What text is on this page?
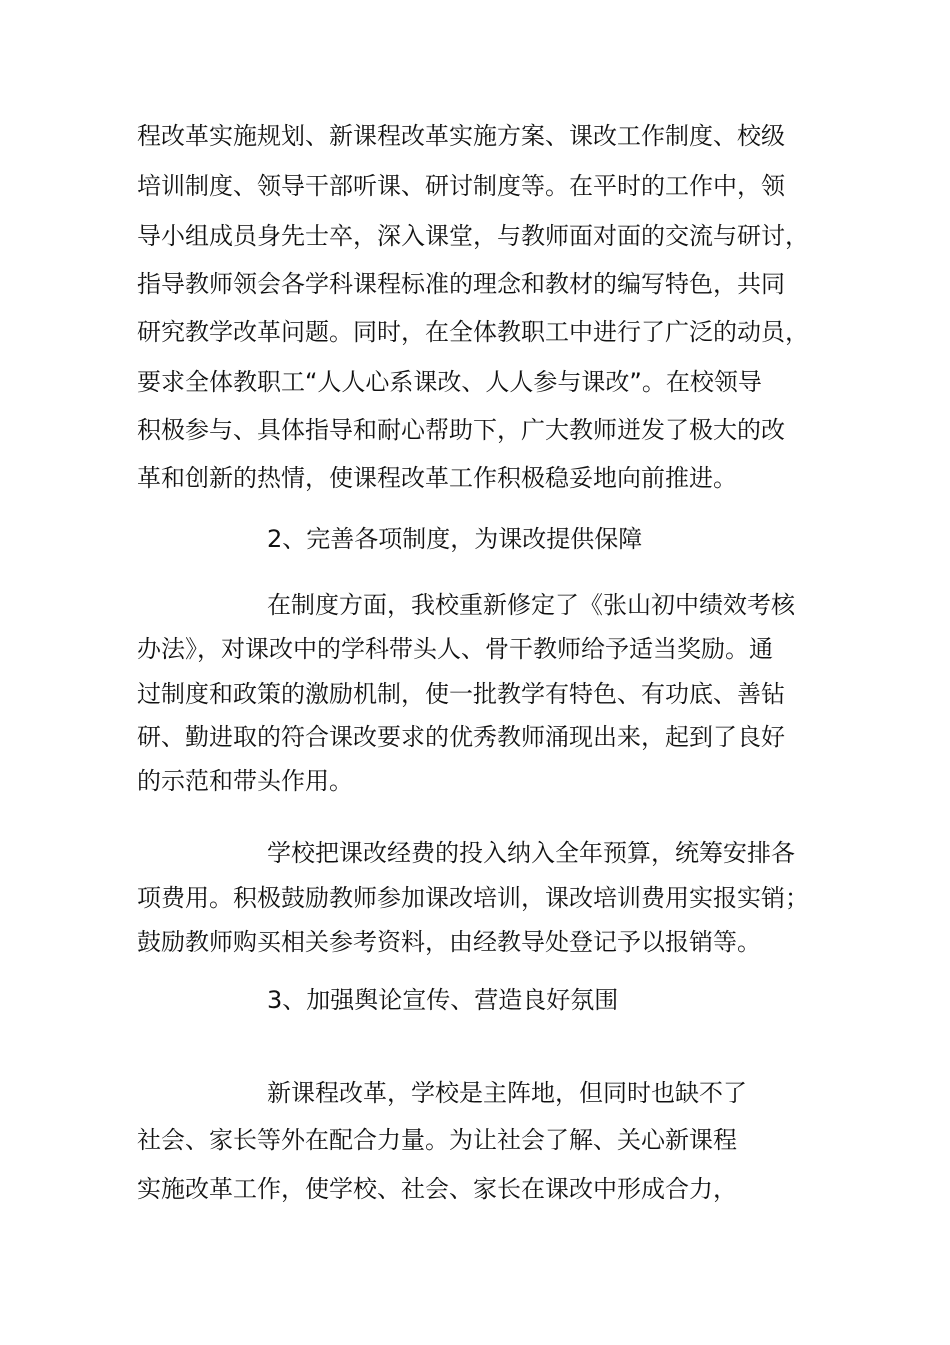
程改革实施规划、新课程改革实施方案、课改工作制度、校级
培训制度、领导干部听课、研讨制度等。在平时的工作中，领
导小组成员身先士卒，深入课堂，与教师面对面的交流与研讨，
指导教师领会各学科课程标准的理念和教材的编写特色，共同
研究教学改革问题。同时，在全体教职工中进行了广泛的动员，
要求全体教职工“人人心系课改、人人参与课改”。在校领导
积极参与、具体指导和耐心帮助下，广大教师迸发了极大的改
革和创新的热情，使课程改革工作积极稳妥地向前推进。
2、完善各项制度，为课改提供保障
在制度方面，我校重新修定了《张山初中绩效考核
办法》，对课改中的学科带头人、骨干教师给予适当奖励。通
过制度和政策的激励机制，使一批教学有特色、有功底、善钻
研、勤进取的符合课改要求的优秀教师涌现出来，起到了良好
的示范和带头作用。
学校把课改经费的投入纳入全年预算，统筹安排各
项费用。积极鼓励教师参加课改培训，课改培训费用实报实销；
鼓励教师购买相关参考资料，由经教导处登记予以报销等。
3、加强舆论宣传、营造良好氛围
新课程改革，学校是主阵地，但同时也缺不了
社会、家长等外在配合力量。为让社会了解、关心新课程
实施改革工作，使学校、社会、家长在课改中形成合力，
